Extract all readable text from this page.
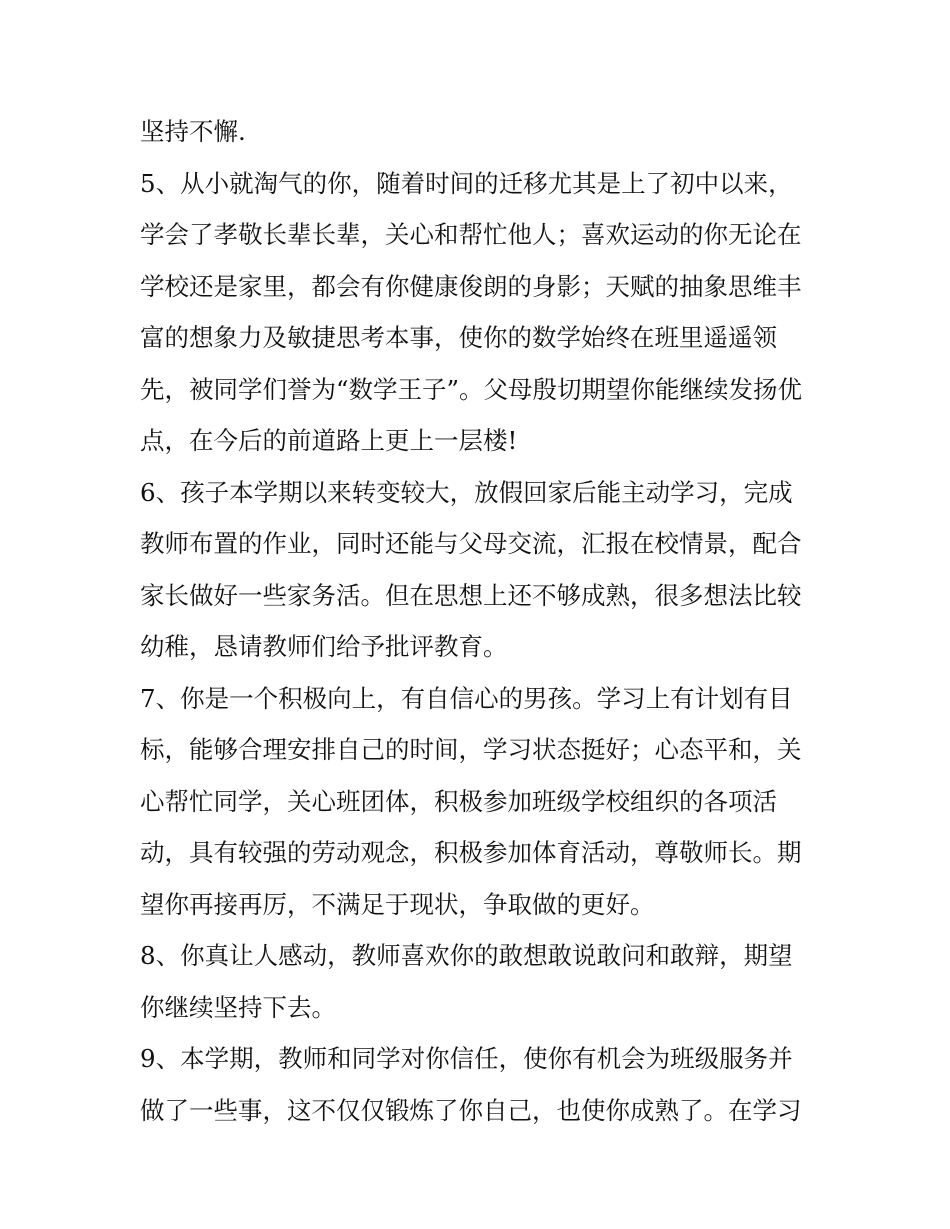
坚持不懈.
5、从小就淘气的你，随着时间的迁移尤其是上了初中以来，
学会了孝敬长辈长辈，关心和帮忙他人；喜欢运动的你无论在
学校还是家里，都会有你健康俊朗的身影；天赋的抽象思维丰
富的想象力及敏捷思考本事，使你的数学始终在班里遥遥领
先，被同学们誉为“数学王子”。父母殷切期望你能继续发扬优
点，在今后的前道路上更上一层楼!
6、孩子本学期以来转变较大，放假回家后能主动学习，完成
教师布置的作业，同时还能与父母交流，汇报在校情景，配合
家长做好一些家务活。但在思想上还不够成熟，很多想法比较
幼稚，恳请教师们给予批评教育。
7、你是一个积极向上，有自信心的男孩。学习上有计划有目
标，能够合理安排自己的时间，学习状态挺好；心态平和，关
心帮忙同学，关心班团体，积极参加班级学校组织的各项活
动，具有较强的劳动观念，积极参加体育活动，尊敬师长。期
望你再接再厉，不满足于现状，争取做的更好。
8、你真让人感动，教师喜欢你的敢想敢说敢问和敢辩，期望
你继续坚持下去。
9、本学期，教师和同学对你信任，使你有机会为班级服务并
做了一些事，这不仅仅锻炼了你自己，也使你成熟了。在学习
